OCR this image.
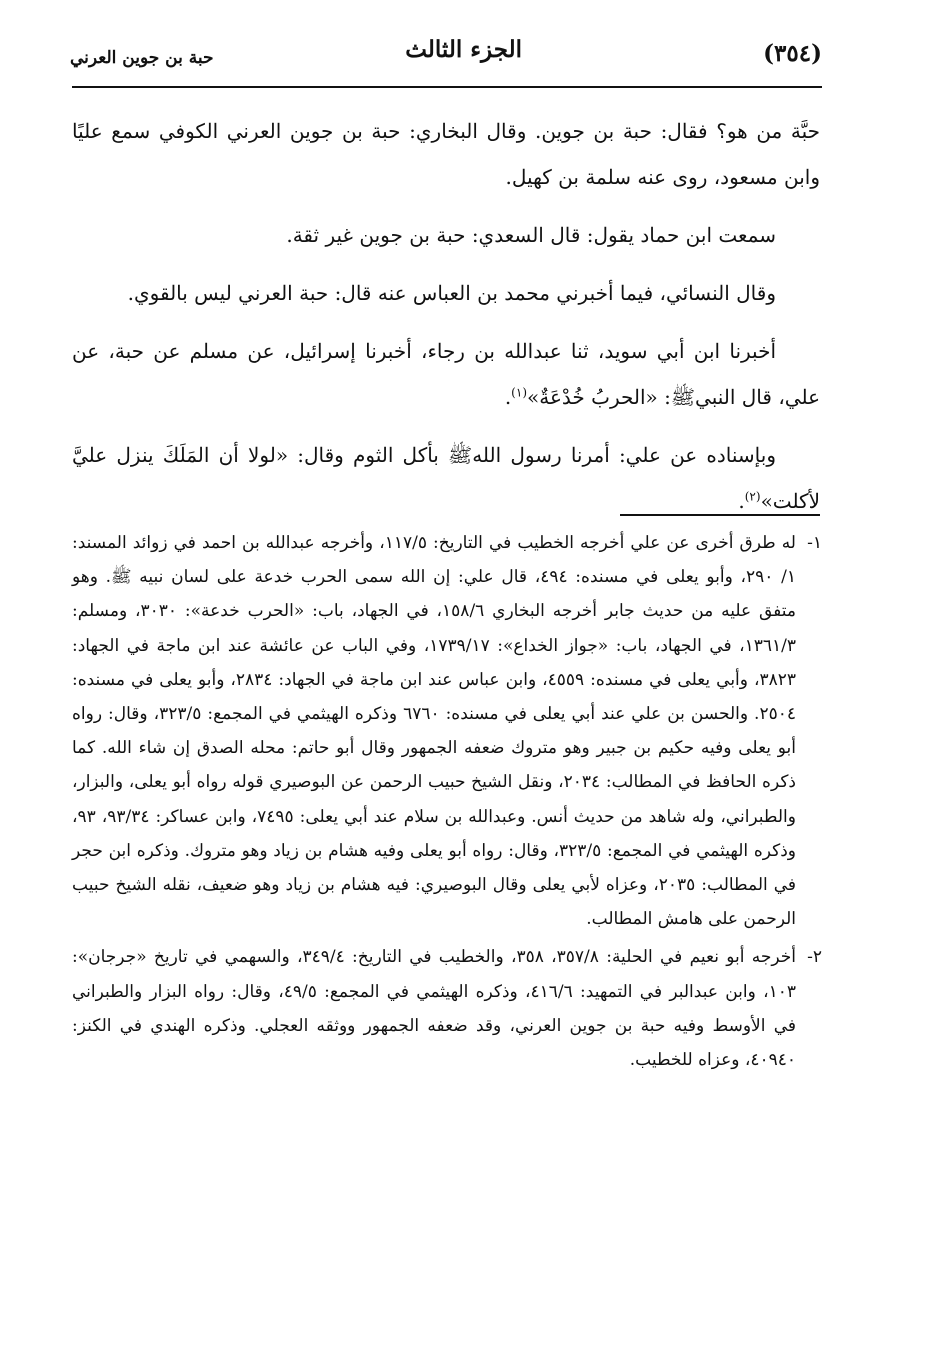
(٣٥٤)
الجزء الثالث
حبة بن جوين العرني

حبَّة من هو؟ فقال: حبة بن جوين. وقال البخاري: حبة بن جوين العرني الكوفي سمع عليًا وابن مسعود، روى عنه سلمة بن كهيل.

سمعت ابن حماد يقول: قال السعدي: حبة بن جوين غير ثقة.

وقال النسائي، فيما أخبرني محمد بن العباس عنه قال: حبة العرني ليس بالقوي.

أخبرنا ابن أبي سويد، ثنا عبدالله بن رجاء، أخبرنا إسرائيل، عن مسلم عن حبة، عن علي، قال النبيﷺ: «الحربُ خُدْعَةٌ»$^{(١)}$.

وبإسناده عن علي: أمرنا رسول اللهﷺ بأكل الثوم وقال: «لولا أن المَلَكَ ينزل عليَّ لأكلت»$^{(٢)}$.

١-
له طرق أخرى عن علي أخرجه الخطيب في التاريخ: ١١٧/٥، وأخرجه عبدالله بن احمد في زوائد المسند: ١/ ٢٩٠، وأبو يعلى في مسنده: ٤٩٤، قال علي: إن الله سمى الحرب خدعة على لسان نبيه ﷺ. وهو متفق عليه من حديث جابر أخرجه البخاري ١٥٨/٦، في الجهاد، باب: «الحرب خدعة»: ٣٠٣٠، ومسلم: ١٣٦١/٣، في الجهاد، باب: «جواز الخداع»: ١٧٣٩/١٧، وفي الباب عن عائشة عند ابن ماجة في الجهاد: ٣٨٢٣، وأبي يعلى في مسنده: ٤٥٥٩، وابن عباس عند ابن ماجة في الجهاد: ٢٨٣٤، وأبو يعلى في مسنده: ٢٥٠٤. والحسن بن علي عند أبي يعلى في مسنده: ٦٧٦٠ وذكره الهيثمي في المجمع: ٣٢٣/٥، وقال: رواه أبو يعلى وفيه حكيم بن جبير وهو متروك ضعفه الجمهور وقال أبو حاتم: محله الصدق إن شاء الله. كما ذكره الحافظ في المطالب: ٢٠٣٤، ونقل الشيخ حبيب الرحمن عن البوصيري قوله رواه أبو يعلى، والبزار، والطبراني، وله شاهد من حديث أنس. وعبدالله بن سلام عند أبي يعلى: ٧٤٩٥، وابن عساكر: ٩٣/٣٤، ٩٣، وذكره الهيثمي في المجمع: ٣٢٣/٥، وقال: رواه أبو يعلى وفيه هشام بن زياد وهو متروك. وذكره ابن حجر في المطالب: ٢٠٣٥، وعزاه لأبي يعلى وقال البوصيري: فيه هشام بن زياد وهو ضعيف، نقله الشيخ حبيب الرحمن على هامش المطالب.
٢-
أخرجه أبو نعيم في الحلية: ٣٥٧/٨، ٣٥٨، والخطيب في التاريخ: ٣٤٩/٤، والسهمي في تاريخ «جرجان»: ١٠٣، وابن عبدالبر في التمهيد: ٤١٦/٦، وذكره الهيثمي في المجمع: ٤٩/٥، وقال: رواه البزار والطبراني في الأوسط وفيه حبة بن جوين العرني، وقد ضعفه الجمهور ووثقه العجلي. وذكره الهندي في الكنز: ٤٠٩٤٠، وعزاه للخطيب.
